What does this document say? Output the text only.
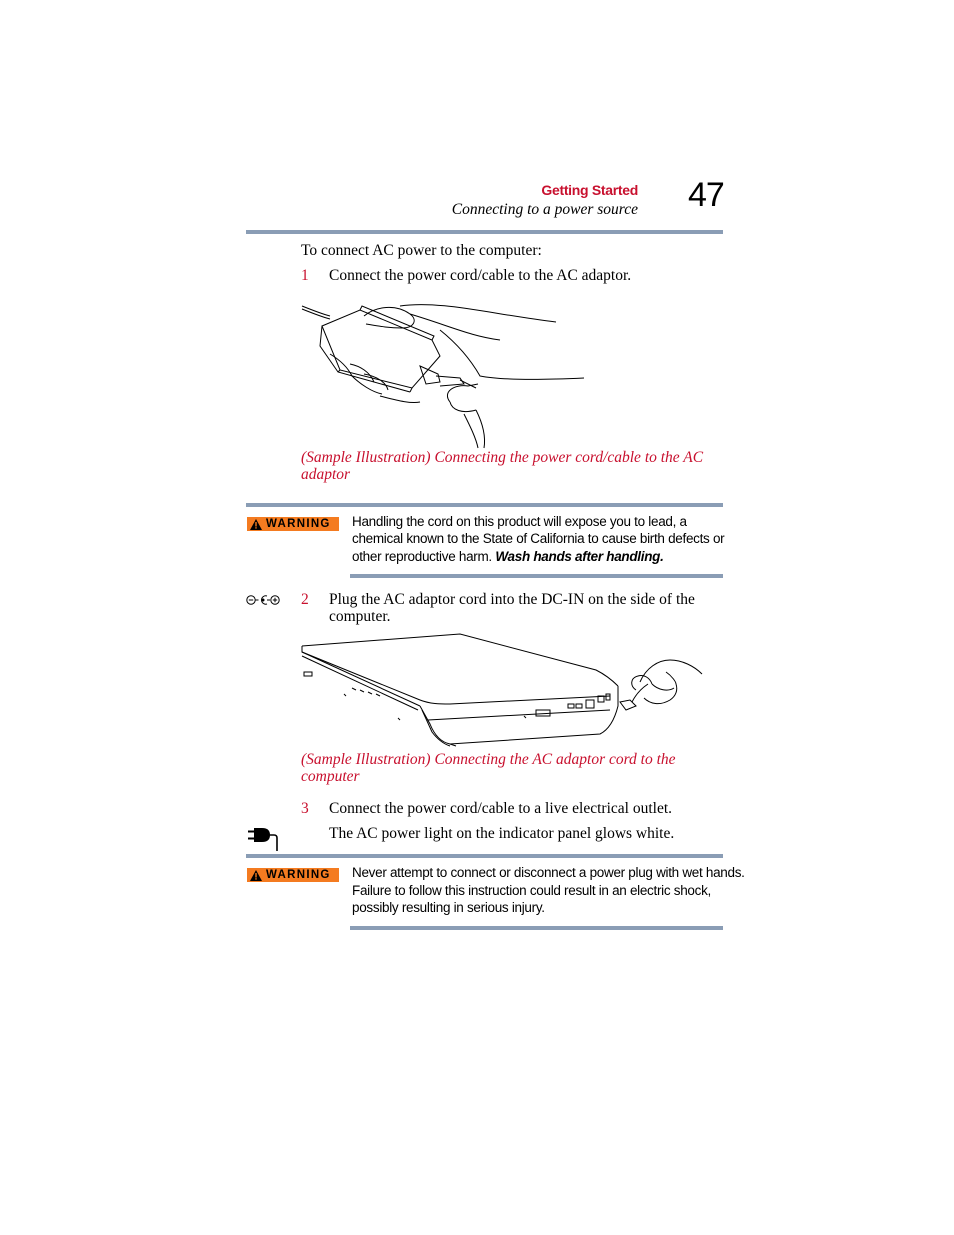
Getting Started
Connecting to a power source 47
To connect AC power to the computer:
1 Connect the power cord/cable to the AC adaptor.
(Sample Illustration) Connecting the power cord/cable to the AC
adaptor
WARNING Handling the cord on this product will expose you to lead, a
chemical known to the State of California to cause birth defects or
other reproductive harm. Wash hands after handling.
2 Plug the AC adaptor cord into the DC-IN on the side of the
computer.
(Sample Illustration) Connecting the AC adaptor cord to the
computer
3 Connect the power cord/cable to a live electrical outlet.
The AC power light on the indicator panel glows white.
WARNING Never attempt to connect or disconnect a power plug with wet hands.
Failure to follow this instruction could result in an electric shock,
possibly resulting in serious injury.
